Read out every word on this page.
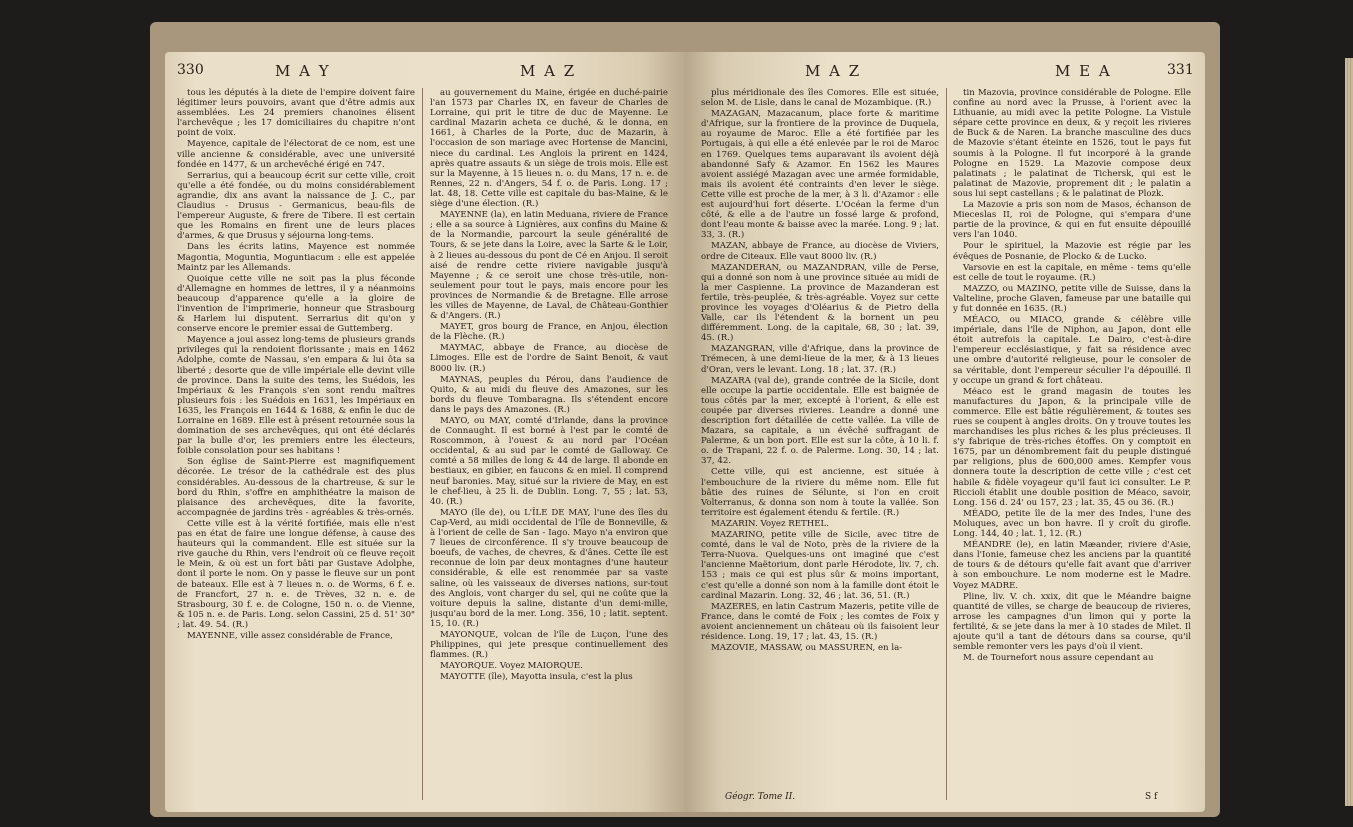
330	M A Y	M A Z

tous les députés à la diete de l'empire doivent faire légitimer leurs pouvoirs, avant que d'être admis aux assemblées. Les 24 premiers chanoines élisent l'archevêque ; les 17 domiciliaires du chapitre n'ont point de voix.

Mayence, capitale de l'électorat de ce nom, est une ville ancienne & considérable, avec une université fondée en 1477, & un archevêché érigé en 747.

Serrarius, qui a beaucoup écrit sur cette ville, croit qu'elle a été fondée, ou du moins considérablement agrandie, dix ans avant la naissance de J. C., par Claudius - Drusus - Germanicus, beau-fils de l'empereur Auguste, & frere de Tibere. Il est certain que les Romains en firent une de leurs places d'armes, & que Drusus y séjourna long-tems.

Dans les écrits latins, Mayence est nommée Magontia, Moguntia, Moguntiacum : elle est appelée Maintz par les Allemands.

Quoique cette ville ne soit pas la plus féconde d'Allemagne en hommes de lettres, il y a néanmoins beaucoup d'apparence qu'elle a la gloire de l'invention de l'imprimerie, honneur que Strasbourg & Harlem lui disputent. Serrarius dit qu'on y conserve encore le premier essai de Guttemberg.

Mayence a joui assez long-tems de plusieurs grands privileges qui la rendoient florissante ; mais en 1462 Adolphe, comte de Nassau, s'en empara & lui ôta sa liberté ; desorte que de ville impériale elle devint ville de province. Dans la suite des tems, les Suédois, les Impériaux & les François s'en sont rendu maîtres plusieurs fois : les Suédois en 1631, les Impériaux en 1635, les François en 1644 & 1688, & enfin le duc de Lorraine en 1689. Elle est à présent retournée sous la domination de ses archevêques, qui ont été déclarés par la bulle d'or, les premiers entre les électeurs, foible consolation pour ses habitans !

Son église de Saint-Pierre est magnifiquement décorée. Le trésor de la cathédrale est des plus considérables. Au-dessous de la chartreuse, & sur le bord du Rhin, s'offre en amphithéatre la maison de plaisance des archevêques, dite la favorite, accompagnée de jardins très - agréables & très-ornés.

Cette ville est à la vérité fortifiée, mais elle n'est pas en état de faire une longue défense, à cause des hauteurs qui la commandent. Elle est située sur la rive gauche du Rhin, vers l'endroit où ce fleuve reçoit le Mein, & où est un fort bâti par Gustave Adolphe, dont il porte le nom. On y passe le fleuve sur un pont de bateaux. Elle est à 7 lieues n. o. de Worms, 6 f. e. de Francfort, 27 n. e. de Trèves, 32 n. e. de Strasbourg, 30 f. e. de Cologne, 150 n. o. de Vienne, & 105 n. e. de Paris. Long. selon Cassini, 25 d. 51' 30" ; lat. 49. 54. (R.)

MAYENNE, ville assez considérable de France,

au gouvernement du Maine, érigée en duché-pairie l'an 1573 par Charles IX, en faveur de Charles de Lorraine, qui prit le titre de duc de Mayenne. Le cardinal Mazarin acheta ce duché, & le donna, en 1661, à Charles de la Porte, duc de Mazarin, à l'occasion de son mariage avec Hortense de Mancini, niece du cardinal. Les Anglois la prirent en 1424, après quatre assauts & un siège de trois mois. Elle est sur la Mayenne, à 15 lieues n. o. du Mans, 17 n. e. de Rennes, 22 n. d'Angers, 54 f. o. de Paris. Long. 17 ; lat. 48, 18. Cette ville est capitale du bas-Maine, & le siège d'une élection. (R.)

MAYENNE (la), en latin Meduana, riviere de France ; elle a sa source à Lignières, aux confins du Maine & de la Normandie, parcourt la seule généralité de Tours, & se jete dans la Loire, avec la Sarte & le Loir, à 2 lieues au-dessous du pont de Cé en Anjou. Il seroit aisé de rendre cette riviere navigable jusqu'à Mayenne ; & ce seroit une chose très-utile, non-seulement pour tout le pays, mais encore pour les provinces de Normandie & de Bretagne. Elle arrose les villes de Mayenne, de Laval, de Château-Gonthier & d'Angers. (R.)

MAYET, gros bourg de France, en Anjou, élection de la Flèche. (R.)

MAYMAC, abbaye de France, au diocèse de Limoges. Elle est de l'ordre de Saint Benoit, & vaut 8000 liv. (R.)

MAYNAS, peuples du Pérou, dans l'audience de Quito, & au midi du fleuve des Amazones, sur les bords du fleuve Tombaragna. Ils s'étendent encore dans le pays des Amazones. (R.)

MAYO, ou MAY, comté d'Irlande, dans la province de Connaught. Il est borné à l'est par le comté de Roscommon, à l'ouest & au nord par l'Océan occidental, & au sud par le comté de Galloway. Ce comté a 58 milles de long & 44 de large. Il abonde en bestiaux, en gibier, en faucons & en miel. Il comprend neuf baronies. May, situé sur la riviere de May, en est le chef-lieu, à 25 li. de Dublin. Long. 7, 55 ; lat. 53, 40. (R.)

MAYO (île de), ou L'ÎLE DE MAY, l'une des îles du Cap-Verd, au midi occidental de l'île de Bonneville, & à l'orient de celle de San - Iago. Mayo n'a environ que 7 lieues de circonférence. Il s'y trouve beaucoup de boeufs, de vaches, de chevres, & d'ânes. Cette île est reconnue de loin par deux montagnes d'une hauteur considérable, & elle est renommée par sa vaste saline, où les vaisseaux de diverses nations, sur-tout des Anglois, vont charger du sel, qui ne coûte que la voiture depuis la saline, distante d'un demi-mille, jusqu'au bord de la mer. Long. 356, 10 ; latit. septent. 15, 10. (R.)

MAYONQUE, volcan de l'île de Luçon, l'une des Philippines, qui jete presque continuellement des flammes. (R.)

MAYORQUE. Voyez MAIORQUE.

MAYOTTE (île), Mayotta insula, c'est la plus

M A Z	M E A	331

plus méridionale des îles Comores. Elle est située, selon M. de Lisle, dans le canal de Mozambique. (R.)

MAZAGAN, Mazacanum, place forte & maritime d'Afrique, sur la frontiere de la province de Duquela, au royaume de Maroc. Elle a été fortifiée par les Portugais, à qui elle a été enlevée par le roi de Maroc en 1769. Quelques tems auparavant ils avoient déjà abandonné Safy & Azamor. En 1562 les Maures avoient assiégé Mazagan avec une armée formidable, mais ils avoient été contraints d'en lever le siège. Cette ville est proche de la mer, à 3 li. d'Azamor : elle est aujourd'hui fort déserte. L'Océan la ferme d'un côté, & elle a de l'autre un fossé large & profond, dont l'eau monte & baisse avec la marée. Long. 9 ; lat. 33, 3. (R.)

MAZAN, abbaye de France, au diocèse de Viviers, ordre de Citeaux. Elle vaut 8000 liv. (R.)

MAZANDERAN, ou MAZANDRAN, ville de Perse, qui a donné son nom à une province située au midi de la mer Caspienne. La province de Mazanderan est fertile, très-peuplée, & très-agréable. Voyez sur cette province les voyages d'Oléarius & de Pietro della Valle, car ils l'étendent & la bornent un peu différemment. Long. de la capitale, 68, 30 ; lat. 39, 45. (R.)

MAZANGRAN, ville d'Afrique, dans la province de Trémecen, à une demi-lieue de la mer, & à 13 lieues d'Oran, vers le levant. Long. 18 ; lat. 37. (R.)

MAZARA (val de), grande contrée de la Sicile, dont elle occupe la partie occidentale. Elle est baignée de tous côtés par la mer, excepté à l'orient, & elle est coupée par diverses rivieres. Leandre a donné une description fort détaillée de cette vallée. La ville de Mazara, sa capitale, a un évêché suffragant de Palerme, & un bon port. Elle est sur la côte, à 10 li. f. o. de Trapani, 22 f. o. de Palerme. Long. 30, 14 ; lat. 37, 42.

Cette ville, qui est ancienne, est située à l'embouchure de la riviere du même nom. Elle fut bâtie des ruines de Sélunte, si l'on en croit Volterranus, & donna son nom à toute la vallée. Son territoire est également étendu & fertile. (R.)

MAZARIN. Voyez RETHEL.

MAZARINO, petite ville de Sicile, avec titre de comté, dans le val de Noto, près de la riviere de la Terra-Nuova. Quelques-uns ont imaginé que c'est l'ancienne Maëtorium, dont parle Hérodote, liv. 7, ch. 153 ; mais ce qui est plus sûr & moins important, c'est qu'elle a donné son nom à la famille dont étoit le cardinal Mazarin. Long. 32, 46 ; lat. 36, 51. (R.)

MAZERES, en latin Castrum Mazeris, petite ville de France, dans le comté de Foix ; les comtes de Foix y avoient anciennement un château où ils faisoient leur résidence. Long. 19, 17 ; lat. 43, 15. (R.)

MAZOVIE, MASSAW, ou MASSUREN, en la-

tin Mazovia, province considérable de Pologne. Elle confine au nord avec la Prusse, à l'orient avec la Lithuanie, au midi avec la petite Pologne. La Vistule sépare cette province en deux, & y reçoit les rivieres de Buck & de Naren. La branche masculine des ducs de Mazovie s'étant éteinte en 1526, tout le pays fut soumis à la Pologne. Il fut incorporé à la grande Pologne en 1529. La Mazovie compose deux palatinats ; le palatinat de Tichersk, qui est le palatinat de Mazovie, proprement dit ; le palatin a sous lui sept castellans ; & le palatinat de Plozk.

La Mazovie a pris son nom de Masos, échanson de Mieceslas II, roi de Pologne, qui s'empara d'une partie de la province, & qui en fut ensuite dépouillé vers l'an 1040.

Pour le spirituel, la Mazovie est régie par les évêques de Posnanie, de Plocko & de Lucko.

Varsovie en est la capitale, en même - tems qu'elle est celle de tout le royaume. (R.)

MAZZO, ou MAZINO, petite ville de Suisse, dans la Valteline, proche Glaven, fameuse par une bataille qui y fut donnée en 1635. (R.)

MÉACO, ou MIACO, grande & célèbre ville impériale, dans l'île de Niphon, au Japon, dont elle étoit autrefois la capitale. Le Dairo, c'est-à-dire l'empereur ecclésiastique, y fait sa résidence avec une ombre d'autorité religieuse, pour le consoler de sa véritable, dont l'empereur séculier l'a dépouillé. Il y occupe un grand & fort château.

Méaco est le grand magasin de toutes les manufactures du Japon, & la principale ville de commerce. Elle est bâtie régulièrement, & toutes ses rues se coupent à angles droits. On y trouve toutes les marchandises les plus riches & les plus précieuses. Il s'y fabrique de très-riches étoffes. On y comptoit en 1675, par un dénombrement fait du peuple distingué par religions, plus de 600,000 ames. Kempfer vous donnera toute la description de cette ville ; c'est cet habile & fidèle voyageur qu'il faut ici consulter. Le P. Riccioli établit une double position de Méaco, savoir, Long. 156 d. 24' ou 157, 23 ; lat. 35, 45 ou 36. (R.)

MÉADO, petite île de la mer des Indes, l'une des Moluques, avec un bon havre. Il y croît du girofle. Long. 144, 40 ; lat. 1, 12. (R.)

MÉANDRE (le), en latin Mæander, riviere d'Asie, dans l'Ionie, fameuse chez les anciens par la quantité de tours & de détours qu'elle fait avant que d'arriver à son embouchure. Le nom moderne est le Madre. Voyez MADRE.

Pline, liv. V. ch. xxix, dit que le Méandre baigne quantité de villes, se charge de beaucoup de rivieres, arrose les campagnes d'un limon qui y porte la fertilité, & se jete dans la mer à 10 stades de Milet. Il ajoute qu'il a tant de détours dans sa course, qu'il semble remonter vers les pays d'où il vient.

M. de Tournefort nous assure cependant au

Géogr. Tome II.	S f
